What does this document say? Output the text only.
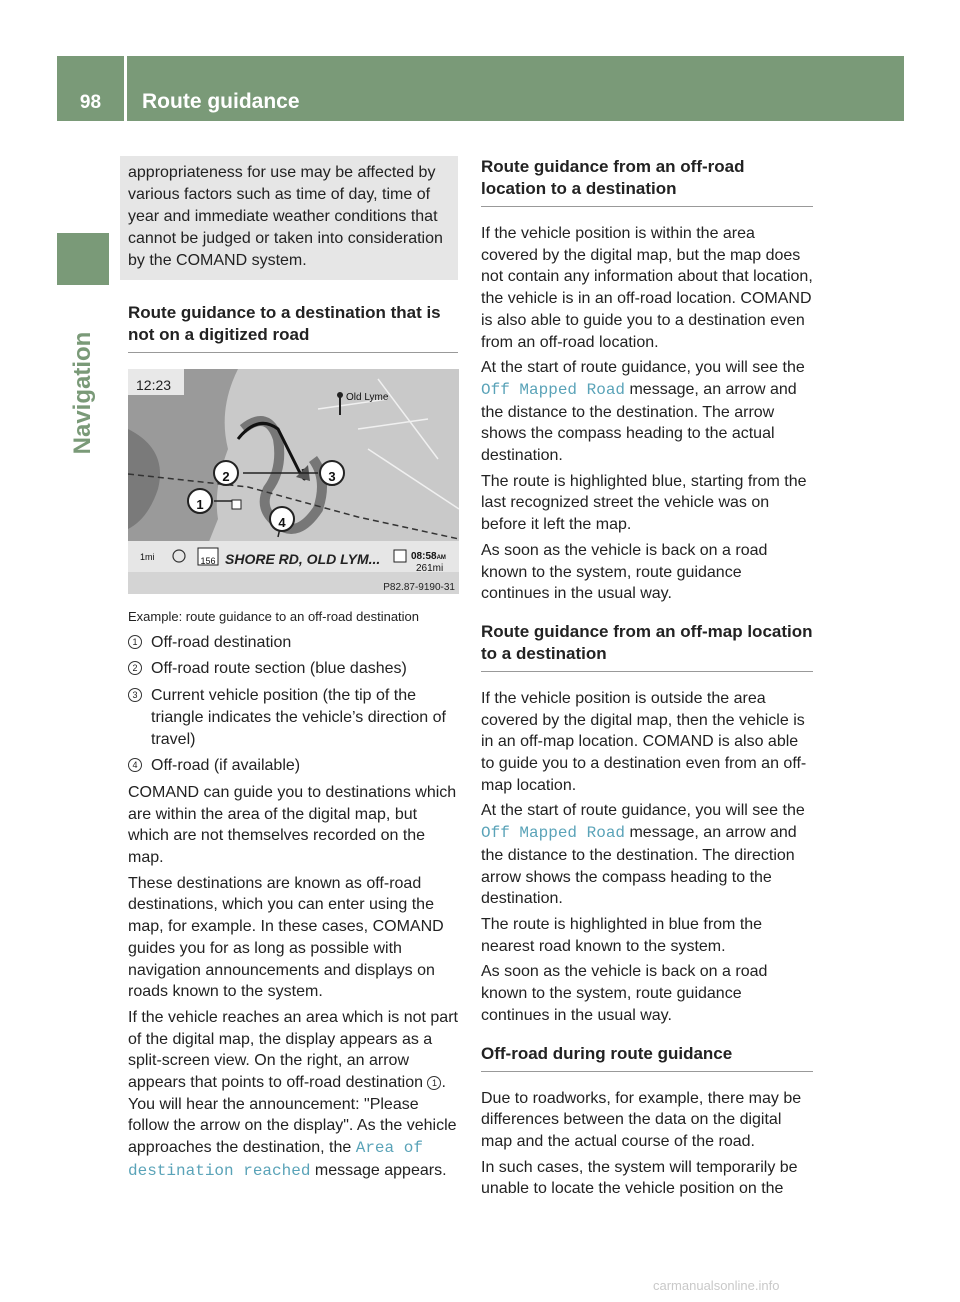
98	Route guidance
Navigation

appropriateness for use may be affected by various factors such as time of day, time of year and immediate weather conditions that cannot be judged or taken into consideration by the COMAND system.

Route guidance to a destination that is not on a digitized road
12:23
Old Lyme
2	3
1
4
1mi	156 SHORE RD, OLD LYM...	08:58AM
261mi
P82.87-9190-31

Example: route guidance to an off-road destination

1 Off-road destination
2 Off-road route section (blue dashes)
3 Current vehicle position (the tip of the triangle indicates the vehicle’s direction of travel)
4 Off-road (if available)

COMAND can guide you to destinations which are within the area of the digital map, but which are not themselves recorded on the map.

These destinations are known as off-road destinations, which you can enter using the map, for example. In these cases, COMAND guides you for as long as possible with navigation announcements and displays on roads known to the system.

If the vehicle reaches an area which is not part of the digital map, the display appears as a split-screen view. On the right, an arrow appears that points to off-road destination 1 . You will hear the announcement: "Please follow the arrow on the display". As the vehicle approaches the destination, the Area of destination reached message appears.

Route guidance from an off-road location to a destination

If the vehicle position is within the area covered by the digital map, but the map does not contain any information about that location, the vehicle is in an off-road location. COMAND is also able to guide you to a destination even from an off-road location.

At the start of route guidance, you will see the Off Mapped Road message, an arrow and the distance to the destination. The arrow shows the compass heading to the actual destination.

The route is highlighted blue, starting from the last recognized street the vehicle was on before it left the map.

As soon as the vehicle is back on a road known to the system, route guidance continues in the usual way.

Route guidance from an off-map location to a destination

If the vehicle position is outside the area covered by the digital map, then the vehicle is in an off-map location. COMAND is also able to guide you to a destination even from an off-map location.

At the start of route guidance, you will see the Off Mapped Road message, an arrow and the distance to the destination. The direction arrow shows the compass heading to the destination.

The route is highlighted in blue from the nearest road known to the system.

As soon as the vehicle is back on a road known to the system, route guidance continues in the usual way.

Off-road during route guidance

Due to roadworks, for example, there may be differences between the data on the digital map and the actual course of the road.

In such cases, the system will temporarily be unable to locate the vehicle position on the

carmanualsonline.info
